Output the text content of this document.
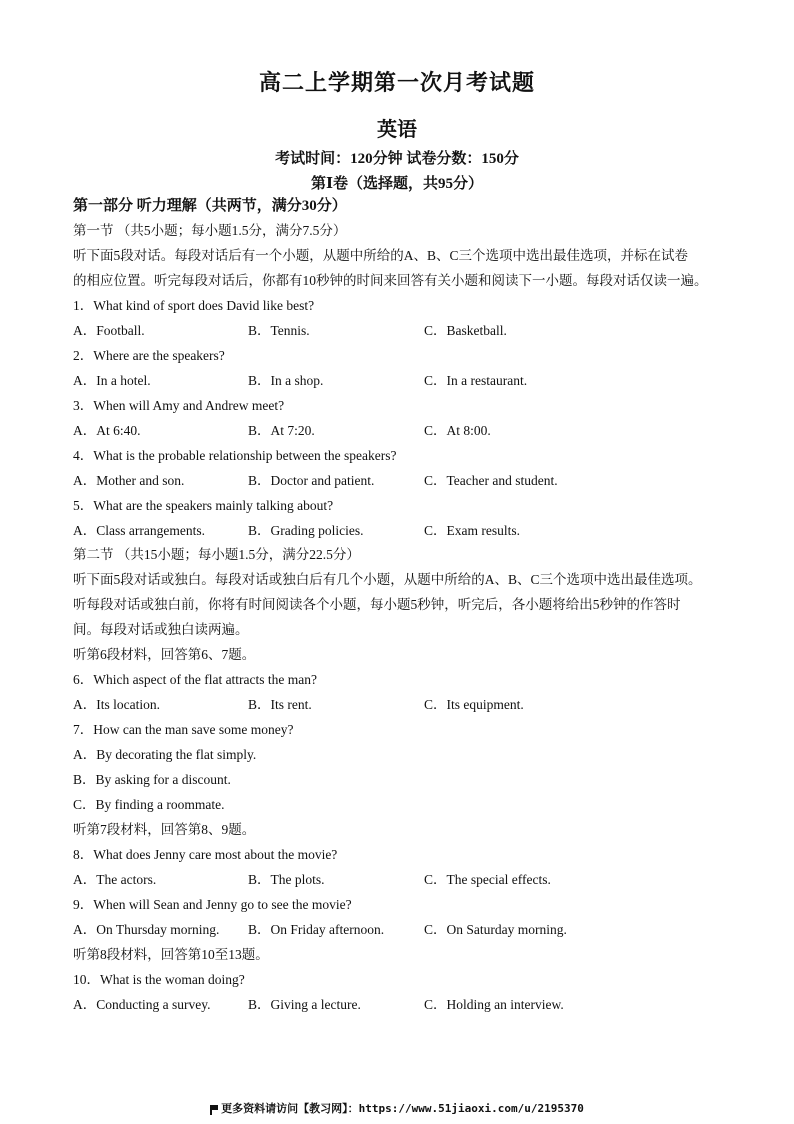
高二上学期第一次月考试题
英语
考试时间：120分钟 试卷分数：150分
第Ⅰ卷（选择题，共95分）
第一部分 听力理解（共两节，满分30分）
第一节 （共5小题；每小题1.5分，满分7.5分）
听下面5段对话。每段对话后有一个小题，从题中所给的A、B、C三个选项中选出最佳选项，并标在试卷
的相应位置。听完每段对话后，你都有10秒钟的时间来回答有关小题和阅读下一小题。每段对话仅读一遍。
1．What kind of sport does David like best?
A．Football.	B．Tennis.	C．Basketball.
2．Where are the speakers?
A．In a hotel.	B．In a shop.	C．In a restaurant.
3．When will Amy and Andrew meet?
A．At 6:40.	B．At 7:20.	C．At 8:00.
4．What is the probable relationship between the speakers?
A．Mother and son.	B．Doctor and patient.	C．Teacher and student.
5．What are the speakers mainly talking about?
A．Class arrangements.	B．Grading policies.	C．Exam results.
第二节 （共15小题；每小题1.5分，满分22.5分）
听下面5段对话或独白。每段对话或独白后有几个小题，从题中所给的A、B、C三个选项中选出最佳选项。
听每段对话或独白前，你将有时间阅读各个小题，每小题5秒钟，听完后，各小题将给出5秒钟的作答时
间。每段对话或独白读两遍。
听第6段材料，回答第6、7题。
6．Which aspect of the flat attracts the man?
A．Its location.	B．Its rent.	C．Its equipment.
7．How can the man save some money?
A．By decorating the flat simply.
B．By asking for a discount.
C．By finding a roommate.
听第7段材料，回答第8、9题。
8．What does Jenny care most about the movie?
A．The actors.	B．The plots.	C．The special effects.
9．When will Sean and Jenny go to see the movie?
A．On Thursday morning. B．On Friday afternoon.	C．On Saturday morning.
听第8段材料，回答第10至13题。
10．What is the woman doing?
A．Conducting a survey.	B．Giving a lecture.	C．Holding an interview.
更多资料请访问【教习网】：https://www.51jiaoxi.com/u/2195370
